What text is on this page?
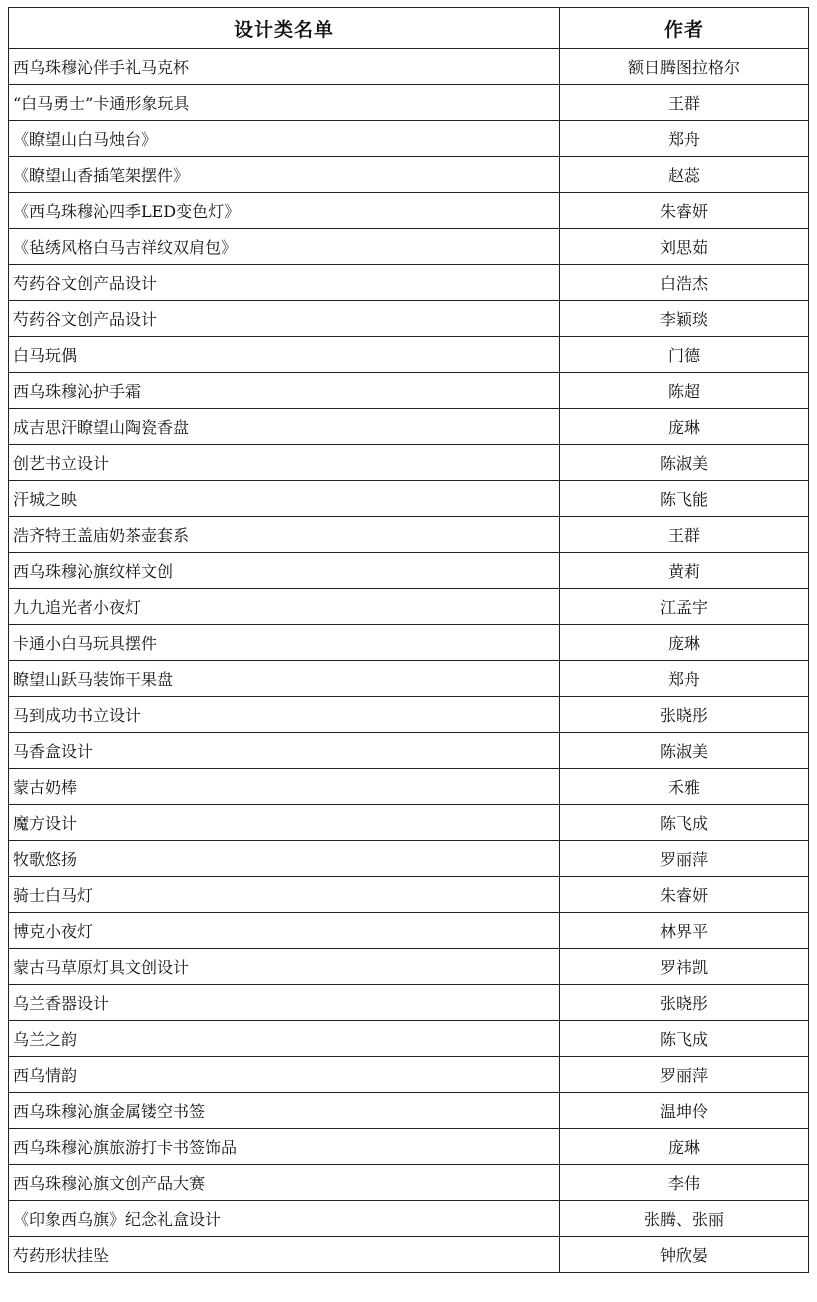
设计类名单	作者
西乌珠穆沁伴手礼马克杯	额日腾图拉格尔
“白马勇士”卡通形象玩具	王群
《瞭望山白马烛台》	郑舟
《瞭望山香插笔架摆件》	赵蕊
《西乌珠穆沁四季LED变色灯》	朱睿妍
《毡绣风格白马吉祥纹双肩包》	刘思茹
芍药谷文创产品设计	白浩杰
芍药谷文创产品设计	李颖琰
白马玩偶	门德
西乌珠穆沁护手霜	陈超
成吉思汗瞭望山陶瓷香盘	庞琳
创艺书立设计	陈淑美
汗城之映	陈飞能
浩齐特王盖庙奶茶壶套系	王群
西乌珠穆沁旗纹样文创	黄莉
九九追光者小夜灯	江孟宇
卡通小白马玩具摆件	庞琳
瞭望山跃马装饰干果盘	郑舟
马到成功书立设计	张晓彤
马香盒设计	陈淑美
蒙古奶棒	禾雅
魔方设计	陈飞成
牧歌悠扬	罗丽萍
骑士白马灯	朱睿妍
博克小夜灯	林界平
蒙古马草原灯具文创设计	罗祎凯
乌兰香器设计	张晓彤
乌兰之韵	陈飞成
西乌情韵	罗丽萍
西乌珠穆沁旗金属镂空书签	温坤伶
西乌珠穆沁旗旅游打卡书签饰品	庞琳
西乌珠穆沁旗文创产品大赛	李伟
《印象西乌旗》纪念礼盒设计	张腾、张丽
芍药形状挂坠	钟欣晏
